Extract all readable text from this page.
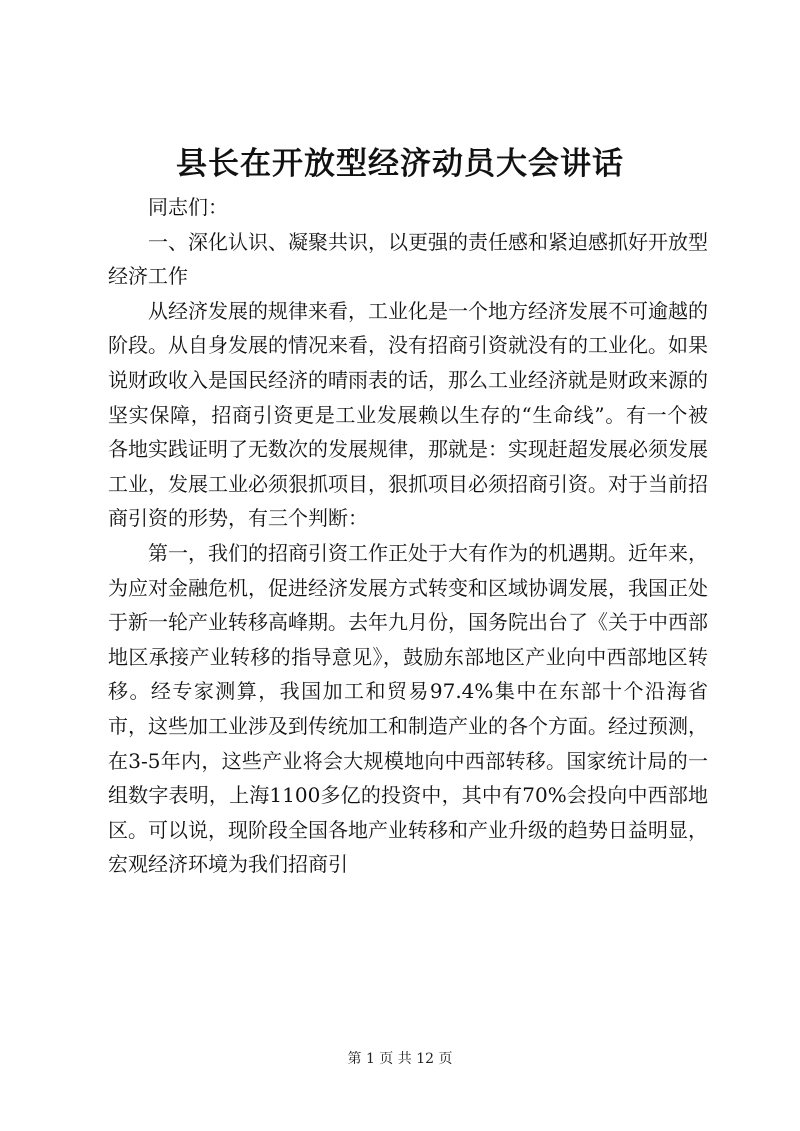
县长在开放型经济动员大会讲话

同志们：

一、深化认识、凝聚共识，以更强的责任感和紧迫感抓好开放型经济工作

从经济发展的规律来看，工业化是一个地方经济发展不可逾越的阶段。从自身发展的情况来看，没有招商引资就没有的工业化。如果说财政收入是国民经济的晴雨表的话，那么工业经济就是财政来源的坚实保障，招商引资更是工业发展赖以生存的“生命线”。有一个被各地实践证明了无数次的发展规律，那就是：实现赶超发展必须发展工业，发展工业必须狠抓项目，狠抓项目必须招商引资。对于当前招商引资的形势，有三个判断：

第一，我们的招商引资工作正处于大有作为的机遇期。近年来，为应对金融危机，促进经济发展方式转变和区域协调发展，我国正处于新一轮产业转移高峰期。去年九月份，国务院出台了《关于中西部地区承接产业转移的指导意见》，鼓励东部地区产业向中西部地区转移。经专家测算，我国加工和贸易97.4%集中在东部十个沿海省市，这些加工业涉及到传统加工和制造产业的各个方面。经过预测，在3-5年内，这些产业将会大规模地向中西部转移。国家统计局的一组数字表明，上海1100多亿的投资中，其中有70%会投向中西部地区。可以说，现阶段全国各地产业转移和产业升级的趋势日益明显，宏观经济环境为我们招商引

第 1 页 共 12 页
